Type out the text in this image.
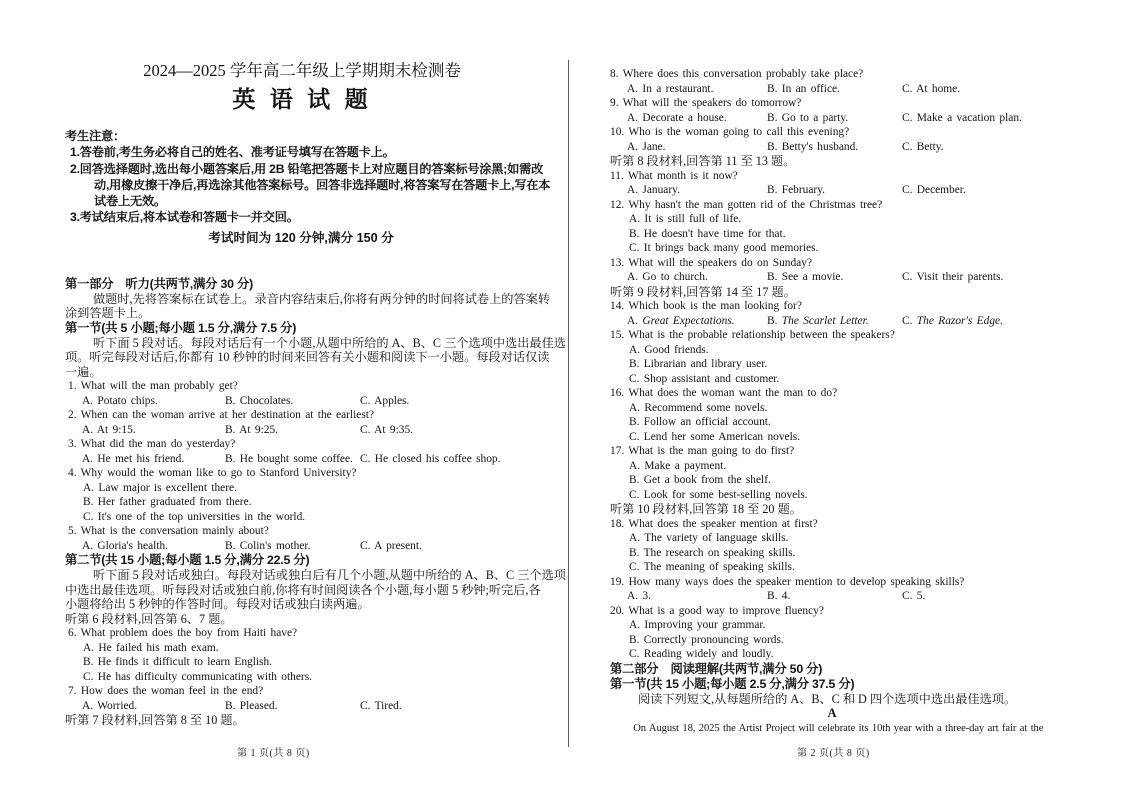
2024—2025 学年高二年级上学期期末检测卷
英 语 试 题
考生注意：
1.答卷前,考生务必将自己的姓名、准考证号填写在答题卡上。
2.回答选择题时,选出每小题答案后,用 2B 铅笔把答题卡上对应题目的答案标号涂黑;如需改
动,用橡皮擦干净后,再选涂其他答案标号。回答非选择题时,将答案写在答题卡上,写在本
试卷上无效。
3.考试结束后,将本试卷和答题卡一并交回。
考试时间为 120 分钟,满分 150 分
第一部分　听力(共两节,满分 30 分)
做题时,先将答案标在试卷上。录音内容结束后,你将有两分钟的时间将试卷上的答案转
涂到答题卡上。
第一节(共 5 小题;每小题 1.5 分,满分 7.5 分)
听下面 5 段对话。每段对话后有一个小题,从题中所给的 A、B、C 三个选项中选出最佳选
项。听完每段对话后,你都有 10 秒钟的时间来回答有关小题和阅读下一小题。每段对话仅读
一遍。
1. What will the man probably get?
A. Potato chips.	B. Chocolates.	C. Apples.
2. When can the woman arrive at her destination at the earliest?
A. At 9:15.	B. At 9:25.	C. At 9:35.
3. What did the man do yesterday?
A. He met his friend.	B. He bought some coffee. C. He closed his coffee shop.
4. Why would the woman like to go to Stanford University?
A. Law major is excellent there.
B. Her father graduated from there.
C. It's one of the top universities in the world.
5. What is the conversation mainly about?
A. Gloria's health.	B. Colin's mother.	C. A present.
第二节(共 15 小题;每小题 1.5 分,满分 22.5 分)
听下面 5 段对话或独白。每段对话或独白后有几个小题,从题中所给的 A、B、C 三个选项
中选出最佳选项。听每段对话或独白前,你将有时间阅读各个小题,每小题 5 秒钟;听完后,各
小题将给出 5 秒钟的作答时间。每段对话或独白读两遍。
听第 6 段材料,回答第 6、7 题。
6. What problem does the boy from Haiti have?
A. He failed his math exam.
B. He finds it difficult to learn English.
C. He has difficulty communicating with others.
7. How does the woman feel in the end?
A. Worried.	B. Pleased.	C. Tired.
听第 7 段材料,回答第 8 至 10 题。
8. Where does this conversation probably take place?
A. In a restaurant.	B. In an office.	C. At home.
9. What will the speakers do tomorrow?
A. Decorate a house.	B. Go to a party.	C. Make a vacation plan.
10. Who is the woman going to call this evening?
A. Jane.	B. Betty's husband.	C. Betty.
听第 8 段材料,回答第 11 至 13 题。
11. What month is it now?
A. January.	B. February.	C. December.
12. Why hasn't the man gotten rid of the Christmas tree?
A. It is still full of life.
B. He doesn't have time for that.
C. It brings back many good memories.
13. What will the speakers do on Sunday?
A. Go to church.	B. See a movie.	C. Visit their parents.
听第 9 段材料,回答第 14 至 17 题。
14. Which book is the man looking for?
A. Great Expectations.	B. The Scarlet Letter.	C. The Razor's Edge.
15. What is the probable relationship between the speakers?
A. Good friends.
B. Librarian and library user.
C. Shop assistant and customer.
16. What does the woman want the man to do?
A. Recommend some novels.
B. Follow an official account.
C. Lend her some American novels.
17. What is the man going to do first?
A. Make a payment.
B. Get a book from the shelf.
C. Look for some best-selling novels.
听第 10 段材料,回答第 18 至 20 题。
18. What does the speaker mention at first?
A. The variety of language skills.
B. The research on speaking skills.
C. The meaning of speaking skills.
19. How many ways does the speaker mention to develop speaking skills?
A. 3.	B. 4.	C. 5.
20. What is a good way to improve fluency?
A. Improving your grammar.
B. Correctly pronouncing words.
C. Reading widely and loudly.
第二部分　阅读理解(共两节,满分 50 分)
第一节(共 15 小题;每小题 2.5 分,满分 37.5 分)
阅读下列短文,从每题所给的 A、B、C 和 D 四个选项中选出最佳选项。
A
On August 18, 2025 the Artist Project will celebrate its 10th year with a three-day art fair at the
第 1 页(共 8 页)	第 2 页(共 8 页)
